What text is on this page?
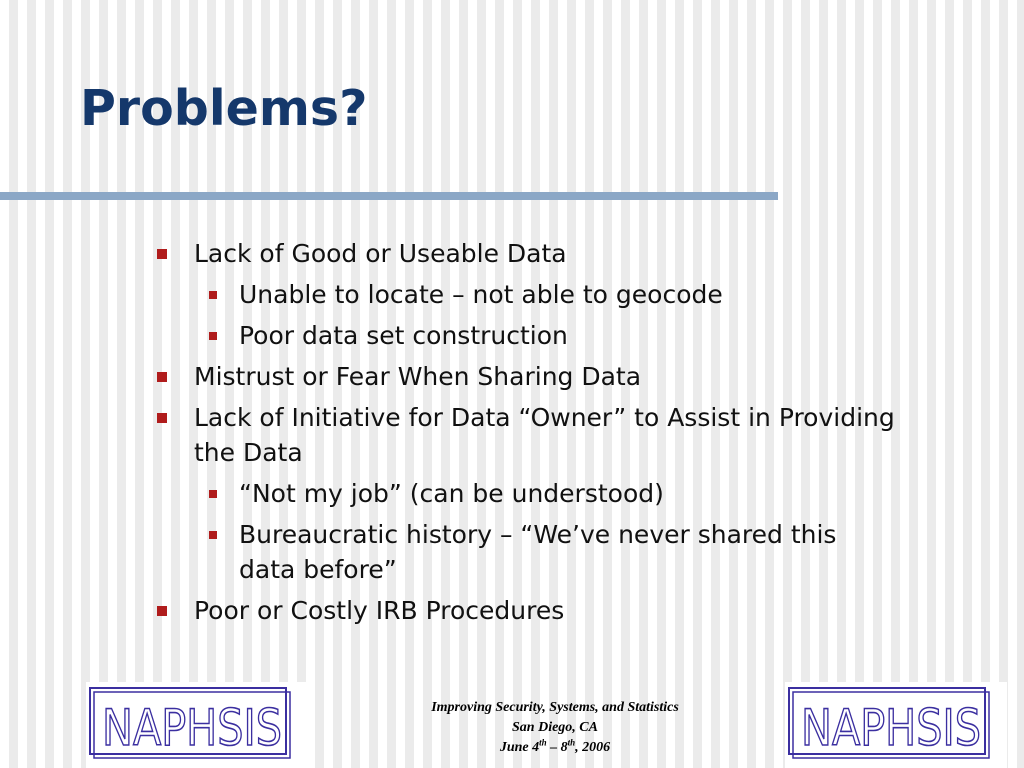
Problems?
Lack of Good or Useable Data
Unable to locate – not able to geocode
Poor data set construction
Mistrust or Fear When Sharing Data
Lack of Initiative for Data “Owner” to Assist in Providing the Data
“Not my job” (can be understood)
Bureaucratic history – “We’ve never shared this data before”
Poor or Costly IRB Procedures
NAPHSIS	Improving Security, Systems, and Statistics
San Diego, CA
June 4th – 8th, 2006	NAPHSIS
